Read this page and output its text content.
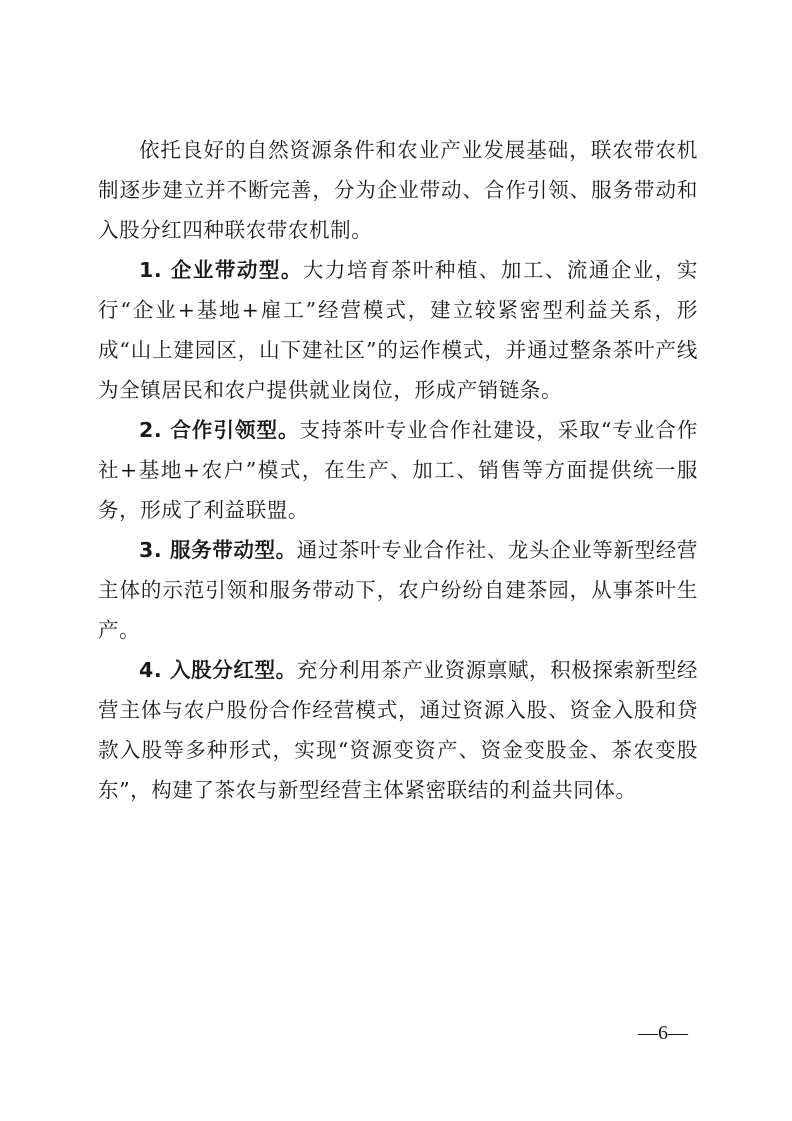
依托良好的自然资源条件和农业产业发展基础，联农带农机制逐步建立并不断完善，分为企业带动、合作引领、服务带动和入股分红四种联农带农机制。

1. 企业带动型。大力培育茶叶种植、加工、流通企业，实行“企业+基地+雇工”经营模式，建立较紧密型利益关系，形成“山上建园区，山下建社区”的运作模式，并通过整条茶叶产线为全镇居民和农户提供就业岗位，形成产销链条。

2. 合作引领型。支持茶叶专业合作社建设，采取“专业合作社+基地+农户”模式，在生产、加工、销售等方面提供统一服务，形成了利益联盟。

3. 服务带动型。通过茶叶专业合作社、龙头企业等新型经营主体的示范引领和服务带动下，农户纷纷自建茶园，从事茶叶生产。

4. 入股分红型。充分利用茶产业资源禀赋，积极探索新型经营主体与农户股份合作经营模式，通过资源入股、资金入股和贷款入股等多种形式，实现“资源变资产、资金变股金、茶农变股东”，构建了茶农与新型经营主体紧密联结的利益共同体。

—6—
